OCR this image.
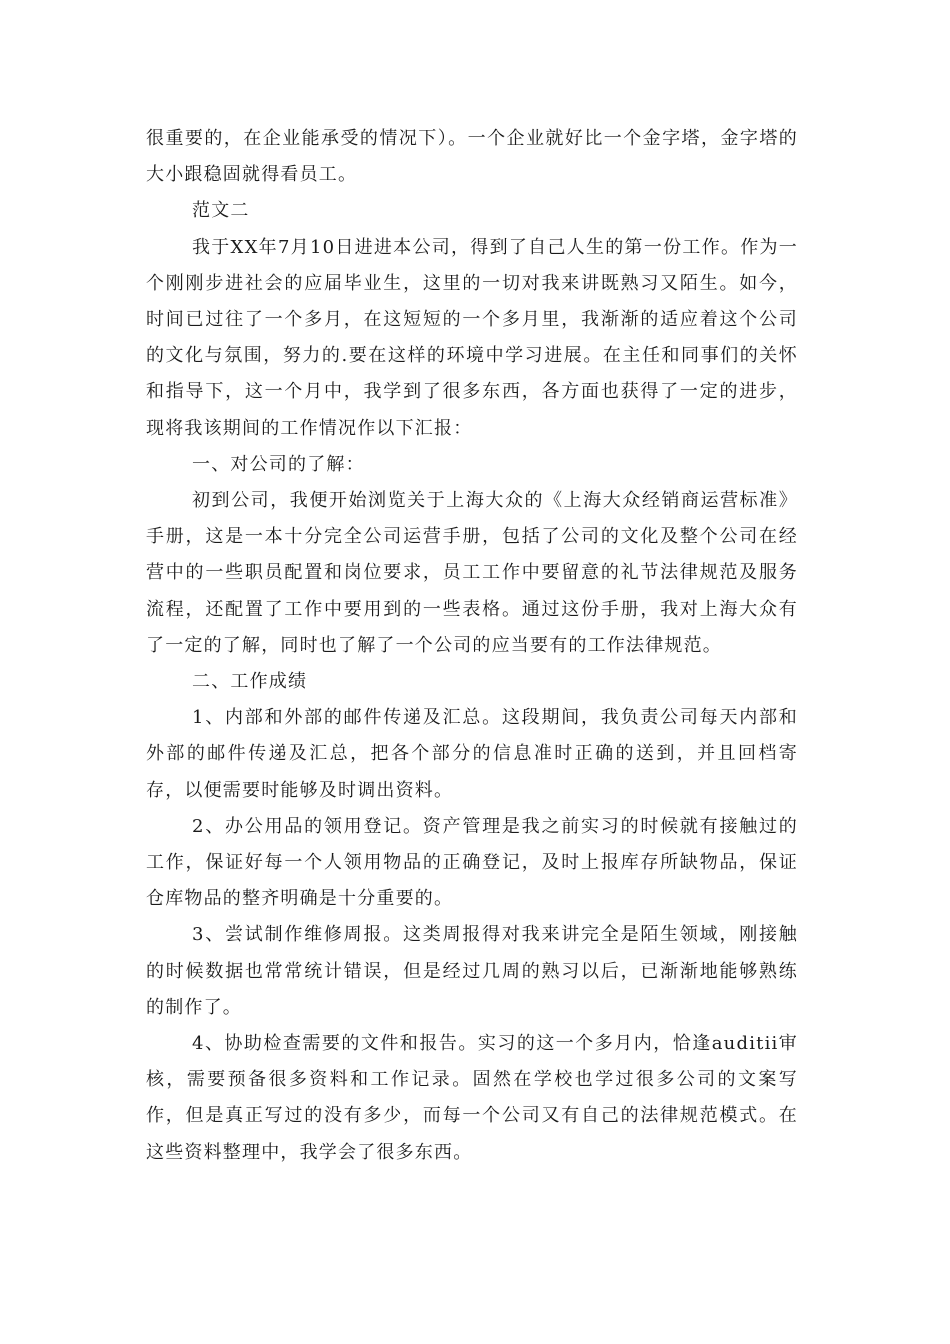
很重要的，在企业能承受的情况下）。一个企业就好比一个金字塔，金字塔的大小跟稳固就得看员工。

范文二

我于XX年7月10日进进本公司，得到了自己人生的第一份工作。作为一个刚刚步进社会的应届毕业生，这里的一切对我来讲既熟习又陌生。如今，时间已过往了一个多月，在这短短的一个多月里，我渐渐的适应着这个公司的文化与氛围，努力的.要在这样的环境中学习进展。在主任和同事们的关怀和指导下，这一个月中，我学到了很多东西，各方面也获得了一定的进步，现将我该期间的工作情况作以下汇报：

一、对公司的了解：

初到公司，我便开始浏览关于上海大众的《上海大众经销商运营标准》手册，这是一本十分完全公司运营手册，包括了公司的文化及整个公司在经营中的一些职员配置和岗位要求，员工工作中要留意的礼节法律规范及服务流程，还配置了工作中要用到的一些表格。通过这份手册，我对上海大众有了一定的了解，同时也了解了一个公司的应当要有的工作法律规范。

二、工作成绩

1、内部和外部的邮件传递及汇总。这段期间，我负责公司每天内部和外部的邮件传递及汇总，把各个部分的信息准时正确的送到，并且回档寄存，以便需要时能够及时调出资料。

2、办公用品的领用登记。资产管理是我之前实习的时候就有接触过的工作，保证好每一个人领用物品的正确登记，及时上报库存所缺物品，保证仓库物品的整齐明确是十分重要的。

3、尝试制作维修周报。这类周报得对我来讲完全是陌生领域，刚接触的时候数据也常常统计错误，但是经过几周的熟习以后，已渐渐地能够熟练的制作了。

4、协助检查需要的文件和报告。实习的这一个多月内，恰逢auditii审核，需要预备很多资料和工作记录。固然在学校也学过很多公司的文案写作，但是真正写过的没有多少，而每一个公司又有自己的法律规范模式。在这些资料整理中，我学会了很多东西。
